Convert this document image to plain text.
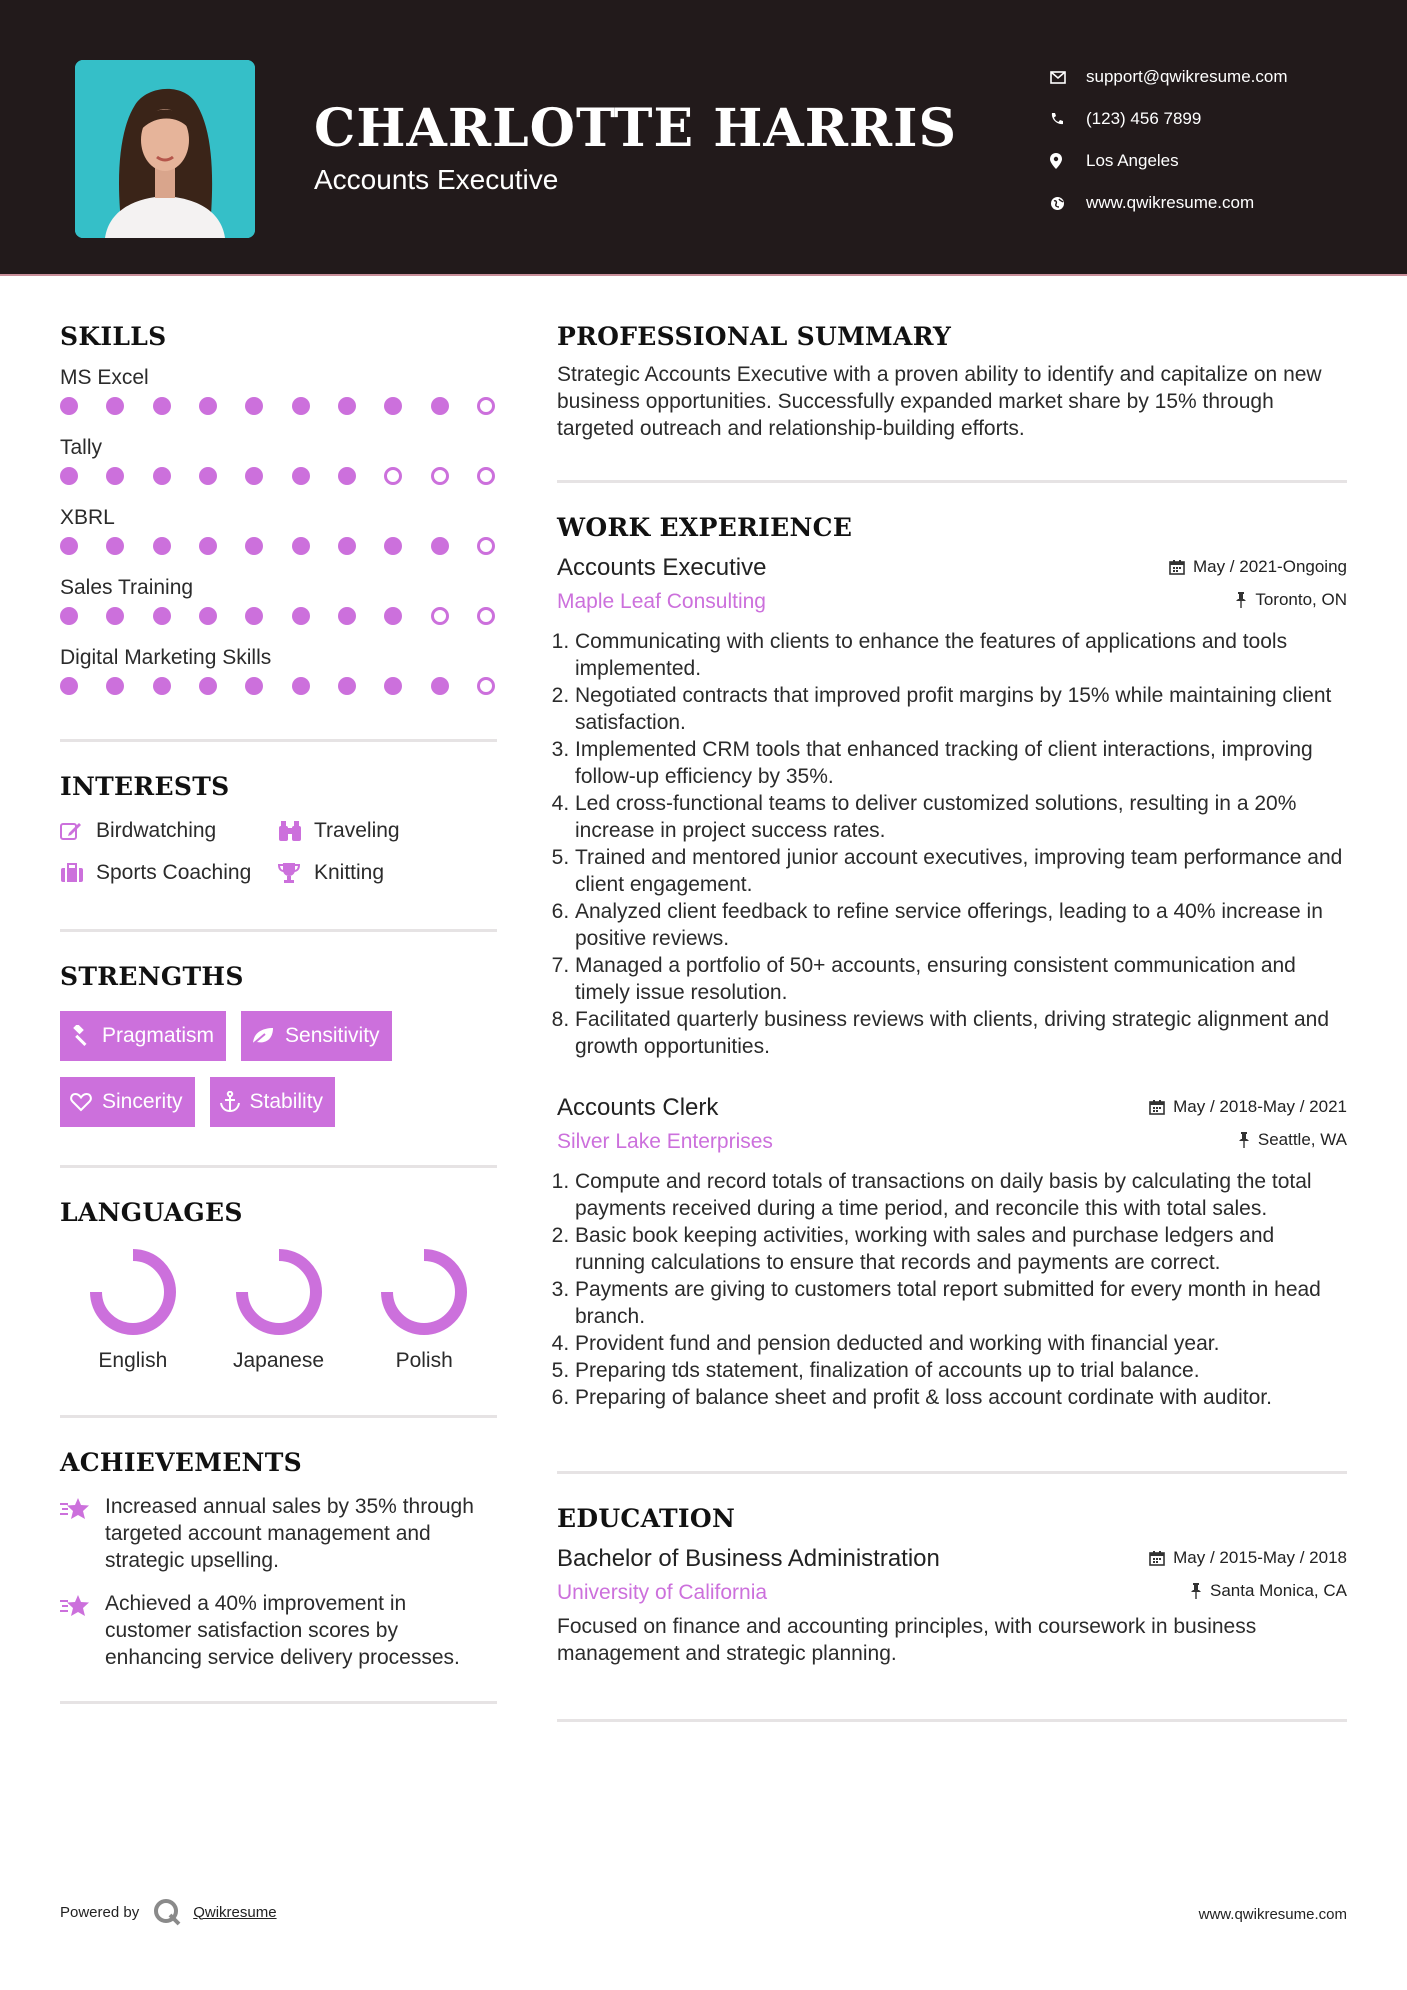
CHARLOTTE HARRIS
Accounts Executive
support@qwikresume.com
(123) 456 7899
Los Angeles
www.qwikresume.com
SKILLS
MS Excel
Tally
XBRL
Sales Training
Digital Marketing Skills
INTERESTS
Birdwatching	Traveling
Sports Coaching	Knitting
STRENGTHS
Pragmatism	Sensitivity
Sincerity	Stability
LANGUAGES
English	Japanese	Polish
ACHIEVEMENTS
Increased annual sales by 35% through targeted account management and strategic upselling.
Achieved a 40% improvement in customer satisfaction scores by enhancing service delivery processes.
PROFESSIONAL SUMMARY
Strategic Accounts Executive with a proven ability to identify and capitalize on new business opportunities. Successfully expanded market share by 15% through targeted outreach and relationship-building efforts.
WORK EXPERIENCE
Accounts Executive	May / 2021-Ongoing
Maple Leaf Consulting	Toronto, ON
1. Communicating with clients to enhance the features of applications and tools implemented.
2. Negotiated contracts that improved profit margins by 15% while maintaining client satisfaction.
3. Implemented CRM tools that enhanced tracking of client interactions, improving follow-up efficiency by 35%.
4. Led cross-functional teams to deliver customized solutions, resulting in a 20% increase in project success rates.
5. Trained and mentored junior account executives, improving team performance and client engagement.
6. Analyzed client feedback to refine service offerings, leading to a 40% increase in positive reviews.
7. Managed a portfolio of 50+ accounts, ensuring consistent communication and timely issue resolution.
8. Facilitated quarterly business reviews with clients, driving strategic alignment and growth opportunities.
Accounts Clerk	May / 2018-May / 2021
Silver Lake Enterprises	Seattle, WA
1. Compute and record totals of transactions on daily basis by calculating the total payments received during a time period, and reconcile this with total sales.
2. Basic book keeping activities, working with sales and purchase ledgers and running calculations to ensure that records and payments are correct.
3. Payments are giving to customers total report submitted for every month in head branch.
4. Provident fund and pension deducted and working with financial year.
5. Preparing tds statement, finalization of accounts up to trial balance.
6. Preparing of balance sheet and profit & loss account cordinate with auditor.
EDUCATION
Bachelor of Business Administration	May / 2015-May / 2018
University of California	Santa Monica, CA
Focused on finance and accounting principles, with coursework in business management and strategic planning.
Powered by	Qwikresume	www.qwikresume.com
